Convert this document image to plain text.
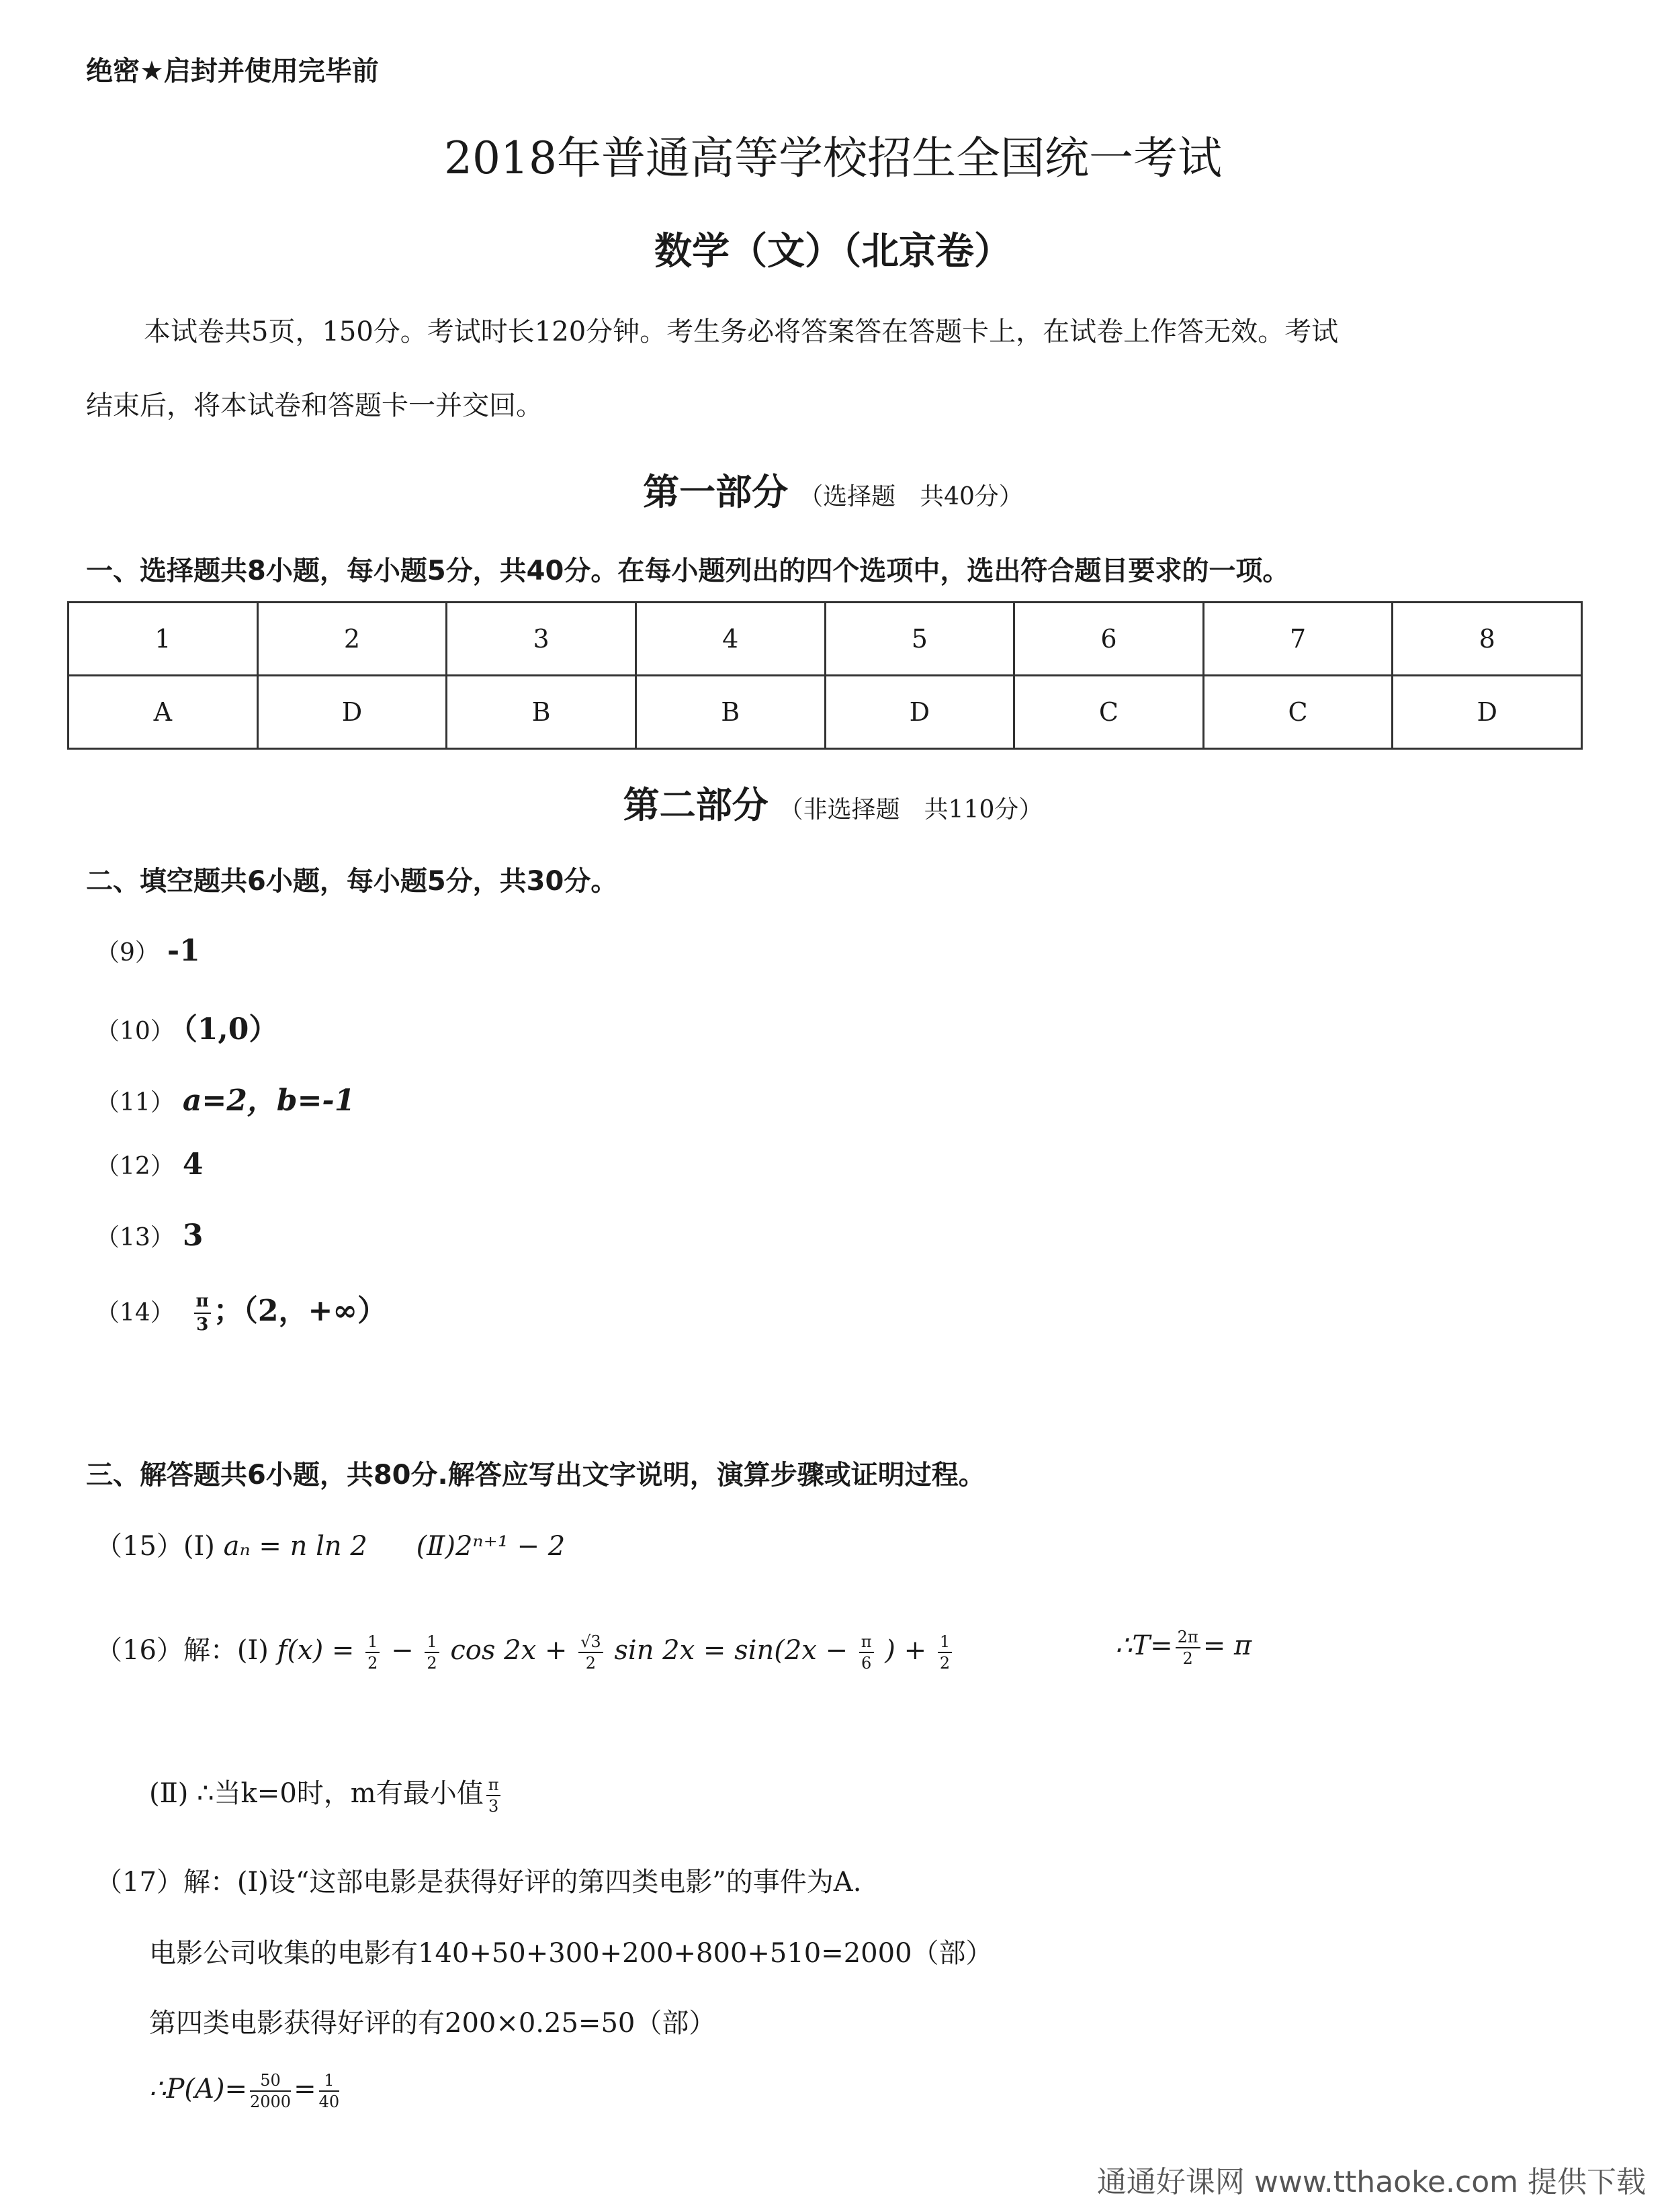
绝密★启封并使用完毕前
2018年普通高等学校招生全国统一考试
数学（文）（北京卷）
本试卷共5页，150分。考试时长120分钟。考生务必将答案答在答题卡上，在试卷上作答无效。考试
结束后，将本试卷和答题卡一并交回。
第一部分 （选择题　共40分）
一、选择题共8小题，每小题5分，共40分。在每小题列出的四个选项中，选出符合题目要求的一项。
1	2	3	4	5	6	7	8
A	D	B	B	D	C	C	D
第二部分 （非选择题　共110分）
二、填空题共6小题，每小题5分，共30分。
（9） -1
（10） （1,0）
（11） a=2，b=-1
（12） 4
（13） 3
$(14) \frac{\pi}{3}$ ；（2，+∞）
三、解答题共6小题，共80分.解答应写出文字说明，演算步骤或证明过程。
（15）(Ⅰ) aₙ = n ln 2 (Ⅱ)2ⁿ⁺¹ − 2
（16）解：(Ⅰ) $f(x) = \frac{1}{2} - \frac{1}{2}$ $\cos 2x + \frac{√3}{2}$ $\sin 2x = \sin(2x - \frac{\pi}{6}$ ) + $\frac{1}{2}$	∴T= $\frac{2\pi}{2} = \pi$
(Ⅱ) ∴当k=0时，m有最小值 $\frac{\pi}{3}$
（17）解：(Ⅰ)设“这部电影是获得好评的第四类电影”的事件为A.
电影公司收集的电影有140+50+300+200+800+510=2000（部）
第四类电影获得好评的有200×0.25=50（部）
∴P(A)= $\frac{50}{2000} = \frac{1}{40}$
通通好课网 www.tthaoke.com 提供下载
